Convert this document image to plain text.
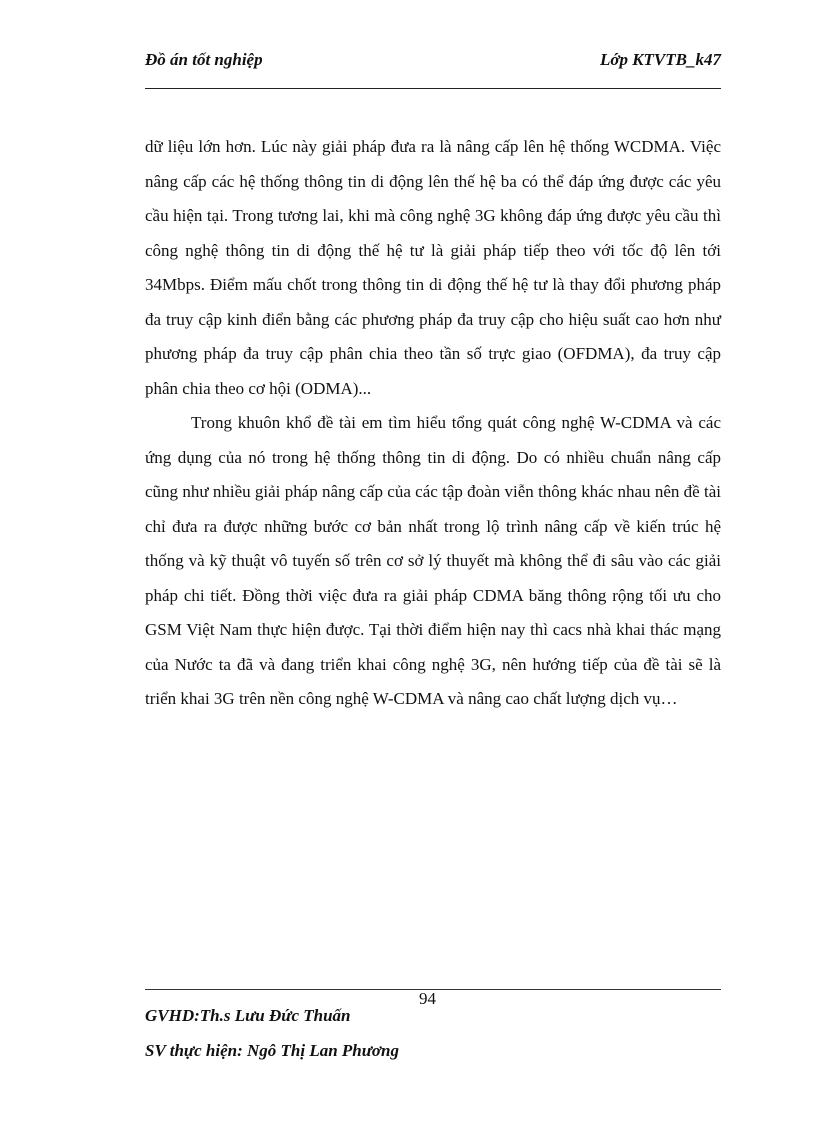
Đồ án tốt nghiệp	Lớp KTVTB_k47

dữ liệu lớn hơn. Lúc này giải pháp đưa ra là nâng cấp lên hệ thống WCDMA. Việc nâng cấp các hệ thống thông tin di động lên thế hệ ba có thể đáp ứng được các yêu cầu hiện tại. Trong tương lai, khi mà công nghệ 3G không đáp ứng được yêu cầu thì công nghệ thông tin di động thế hệ tư là giải pháp tiếp theo với tốc độ lên tới 34Mbps. Điểm mấu chốt trong thông tin di động thế hệ tư là thay đổi phương pháp đa truy cập kinh điển bằng các phương pháp đa truy cập cho hiệu suất cao hơn như phương pháp đa truy cập phân chia theo tần số trực giao (OFDMA), đa truy cập phân chia theo cơ hội (ODMA)...

Trong khuôn khổ đề tài em tìm hiểu tổng quát công nghệ W-CDMA và các ứng dụng của nó trong hệ thống thông tin di động. Do có nhiều chuẩn nâng cấp cũng như nhiều giải pháp nâng cấp của các tập đoàn viễn thông khác nhau nên đề tài chỉ đưa ra được những bước cơ bản nhất trong lộ trình nâng cấp về kiến trúc hệ thống và kỹ thuật vô tuyến số trên cơ sở lý thuyết mà không thể đi sâu vào các giải pháp chi tiết. Đồng thời việc đưa ra giải pháp CDMA băng thông rộng tối ưu cho GSM Việt Nam thực hiện được. Tại thời điểm hiện nay thì cacs nhà khai thác mạng của Nước ta đã và đang triển khai công nghệ 3G, nên hướng tiếp của đề tài sẽ là triển khai 3G trên nền công nghệ W-CDMA và nâng cao chất lượng dịch vụ…

94
GVHD:Th.s Lưu Đức Thuấn
SV thực hiện: Ngô Thị Lan Phương
